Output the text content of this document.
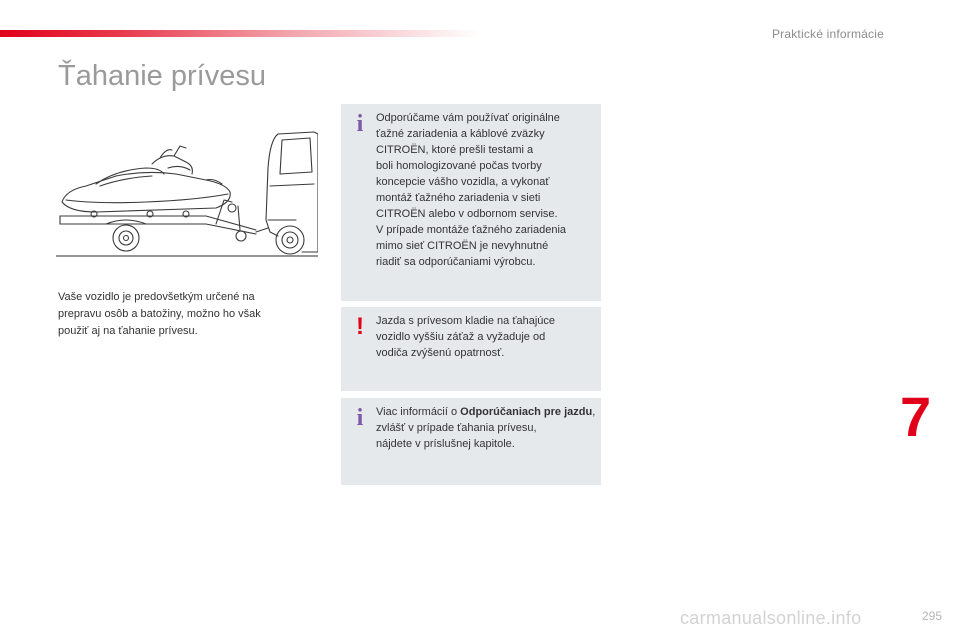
Praktické informácie
Ťahanie prívesu
Vaše vozidlo je predovšetkým určené na
prepravu osôb a batožiny, možno ho však
použiť aj na ťahanie prívesu.
i	Odporúčame vám používať originálne
ťažné zariadenia a káblové zväzky
CITROËN, ktoré prešli testami a
boli homologizované počas tvorby
koncepcie vášho vozidla, a vykonať
montáž ťažného zariadenia v sieti
CITROËN alebo v odbornom servise.
V prípade montáže ťažného zariadenia
mimo sieť CITROËN je nevyhnutné
riadiť sa odporúčaniami výrobcu.
! Jazda s prívesom kladie na ťahajúce
vozidlo vyššiu záťaž a vyžaduje od
vodiča zvýšenú opatrnosť.
i	Viac informácií o Odporúčaniach pre jazdu, zvlášť v prípade ťahania prívesu,
nájdete v príslušnej kapitole.	7
carmanualsonline.info	295
